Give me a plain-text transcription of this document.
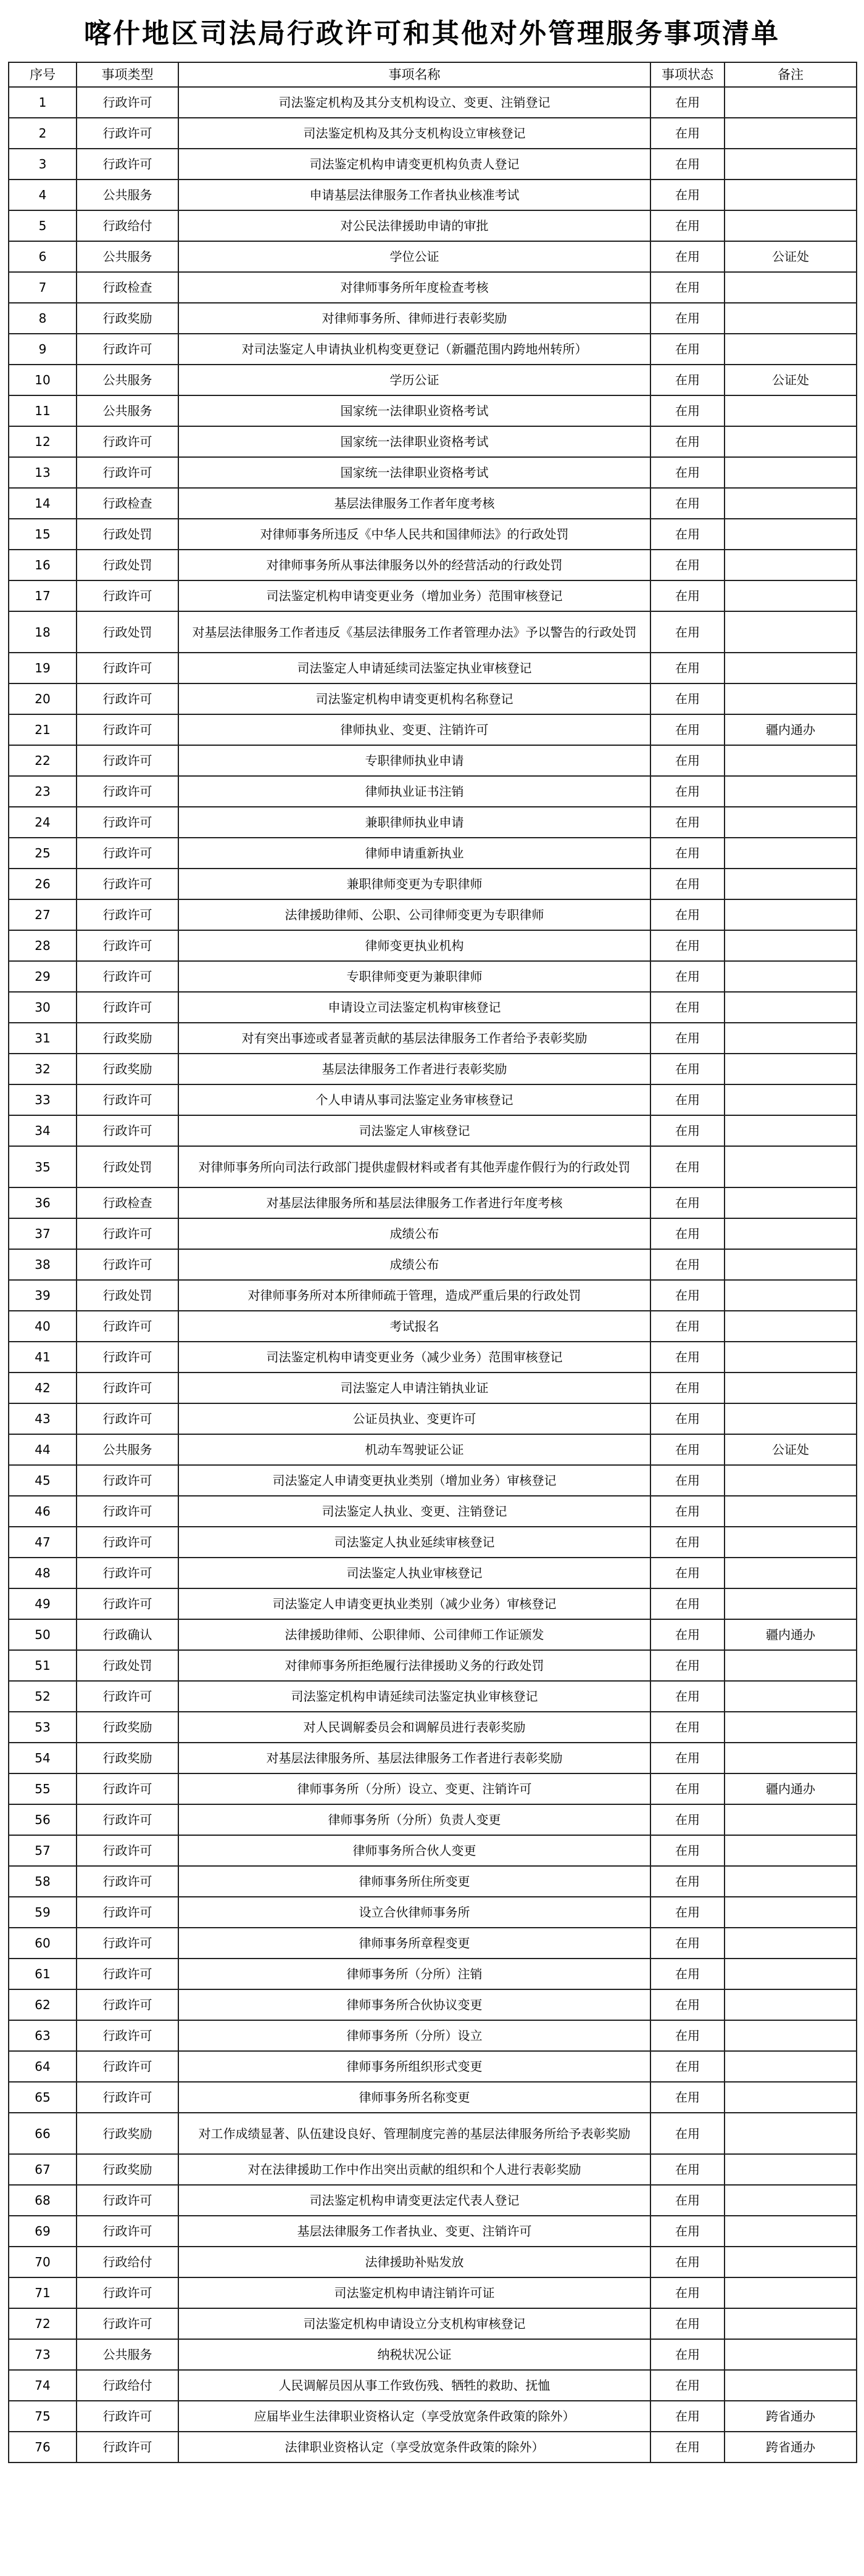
喀什地区司法局行政许可和其他对外管理服务事项清单
序号	事项类型	事项名称	事项状态	备注
1	行政许可	司法鉴定机构及其分支机构设立、变更、注销登记	在用	
2	行政许可	司法鉴定机构及其分支机构设立审核登记	在用	
3	行政许可	司法鉴定机构申请变更机构负责人登记	在用	
4	公共服务	申请基层法律服务工作者执业核准考试	在用	
5	行政给付	对公民法律援助申请的审批	在用	
6	公共服务	学位公证	在用	公证处
7	行政检查	对律师事务所年度检查考核	在用	
8	行政奖励	对律师事务所、律师进行表彰奖励	在用	
9	行政许可	对司法鉴定人申请执业机构变更登记（新疆范围内跨地州转所）	在用	
10	公共服务	学历公证	在用	公证处
11	公共服务	国家统一法律职业资格考试	在用	
12	行政许可	国家统一法律职业资格考试	在用	
13	行政许可	国家统一法律职业资格考试	在用	
14	行政检查	基层法律服务工作者年度考核	在用	
15	行政处罚	对律师事务所违反《中华人民共和国律师法》的行政处罚	在用	
16	行政处罚	对律师事务所从事法律服务以外的经营活动的行政处罚	在用	
17	行政许可	司法鉴定机构申请变更业务（增加业务）范围审核登记	在用	
18	行政处罚	对基层法律服务工作者违反《基层法律服务工作者管理办法》予以警告的行政处罚	在用	
19	行政许可	司法鉴定人申请延续司法鉴定执业审核登记	在用	
20	行政许可	司法鉴定机构申请变更机构名称登记	在用	
21	行政许可	律师执业、变更、注销许可	在用	疆内通办
22	行政许可	专职律师执业申请	在用	
23	行政许可	律师执业证书注销	在用	
24	行政许可	兼职律师执业申请	在用	
25	行政许可	律师申请重新执业	在用	
26	行政许可	兼职律师变更为专职律师	在用	
27	行政许可	法律援助律师、公职、公司律师变更为专职律师	在用	
28	行政许可	律师变更执业机构	在用	
29	行政许可	专职律师变更为兼职律师	在用	
30	行政许可	申请设立司法鉴定机构审核登记	在用	
31	行政奖励	对有突出事迹或者显著贡献的基层法律服务工作者给予表彰奖励	在用	
32	行政奖励	基层法律服务工作者进行表彰奖励	在用	
33	行政许可	个人申请从事司法鉴定业务审核登记	在用	
34	行政许可	司法鉴定人审核登记	在用	
35	行政处罚	对律师事务所向司法行政部门提供虚假材料或者有其他弄虚作假行为的行政处罚	在用	
36	行政检查	对基层法律服务所和基层法律服务工作者进行年度考核	在用	
37	行政许可	成绩公布	在用	
38	行政许可	成绩公布	在用	
39	行政处罚	对律师事务所对本所律师疏于管理，造成严重后果的行政处罚	在用	
40	行政许可	考试报名	在用	
41	行政许可	司法鉴定机构申请变更业务（减少业务）范围审核登记	在用	
42	行政许可	司法鉴定人申请注销执业证	在用	
43	行政许可	公证员执业、变更许可	在用	
44	公共服务	机动车驾驶证公证	在用	公证处
45	行政许可	司法鉴定人申请变更执业类别（增加业务）审核登记	在用	
46	行政许可	司法鉴定人执业、变更、注销登记	在用	
47	行政许可	司法鉴定人执业延续审核登记	在用	
48	行政许可	司法鉴定人执业审核登记	在用	
49	行政许可	司法鉴定人申请变更执业类别（减少业务）审核登记	在用	
50	行政确认	法律援助律师、公职律师、公司律师工作证颁发	在用	疆内通办
51	行政处罚	对律师事务所拒绝履行法律援助义务的行政处罚	在用	
52	行政许可	司法鉴定机构申请延续司法鉴定执业审核登记	在用	
53	行政奖励	对人民调解委员会和调解员进行表彰奖励	在用	
54	行政奖励	对基层法律服务所、基层法律服务工作者进行表彰奖励	在用	
55	行政许可	律师事务所（分所）设立、变更、注销许可	在用	疆内通办
56	行政许可	律师事务所（分所）负责人变更	在用	
57	行政许可	律师事务所合伙人变更	在用	
58	行政许可	律师事务所住所变更	在用	
59	行政许可	设立合伙律师事务所	在用	
60	行政许可	律师事务所章程变更	在用	
61	行政许可	律师事务所（分所）注销	在用	
62	行政许可	律师事务所合伙协议变更	在用	
63	行政许可	律师事务所（分所）设立	在用	
64	行政许可	律师事务所组织形式变更	在用	
65	行政许可	律师事务所名称变更	在用	
66	行政奖励	对工作成绩显著、队伍建设良好、管理制度完善的基层法律服务所给予表彰奖励	在用	
67	行政奖励	对在法律援助工作中作出突出贡献的组织和个人进行表彰奖励	在用	
68	行政许可	司法鉴定机构申请变更法定代表人登记	在用	
69	行政许可	基层法律服务工作者执业、变更、注销许可	在用	
70	行政给付	法律援助补贴发放	在用	
71	行政许可	司法鉴定机构申请注销许可证	在用	
72	行政许可	司法鉴定机构申请设立分支机构审核登记	在用	
73	公共服务	纳税状况公证	在用	
74	行政给付	人民调解员因从事工作致伤残、牺牲的救助、抚恤	在用	
75	行政许可	应届毕业生法律职业资格认定（享受放宽条件政策的除外）	在用	跨省通办
76	行政许可	法律职业资格认定（享受放宽条件政策的除外）	在用	跨省通办
